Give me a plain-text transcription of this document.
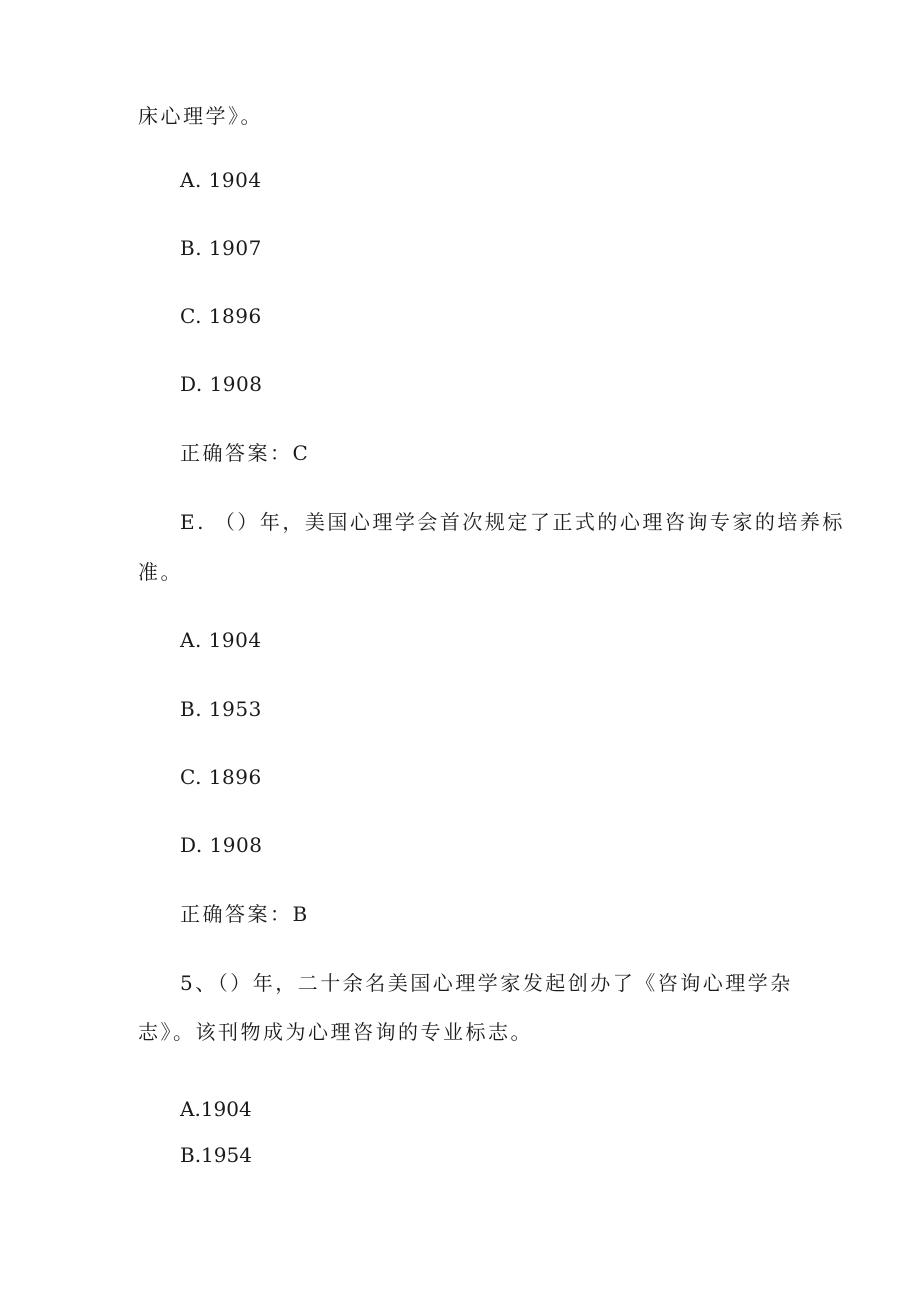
床心理学》。
A. 1904
B. 1907
C. 1896
D. 1908
正确答案：C
E. （）年，美国心理学会首次规定了正式的心理咨询专家的培养标
准。
A. 1904
B. 1953
C. 1896
D. 1908
正确答案：B
5、（）年，二十余名美国心理学家发起创办了《咨询心理学杂
志》。该刊物成为心理咨询的专业标志。
A.1904
B.1954
